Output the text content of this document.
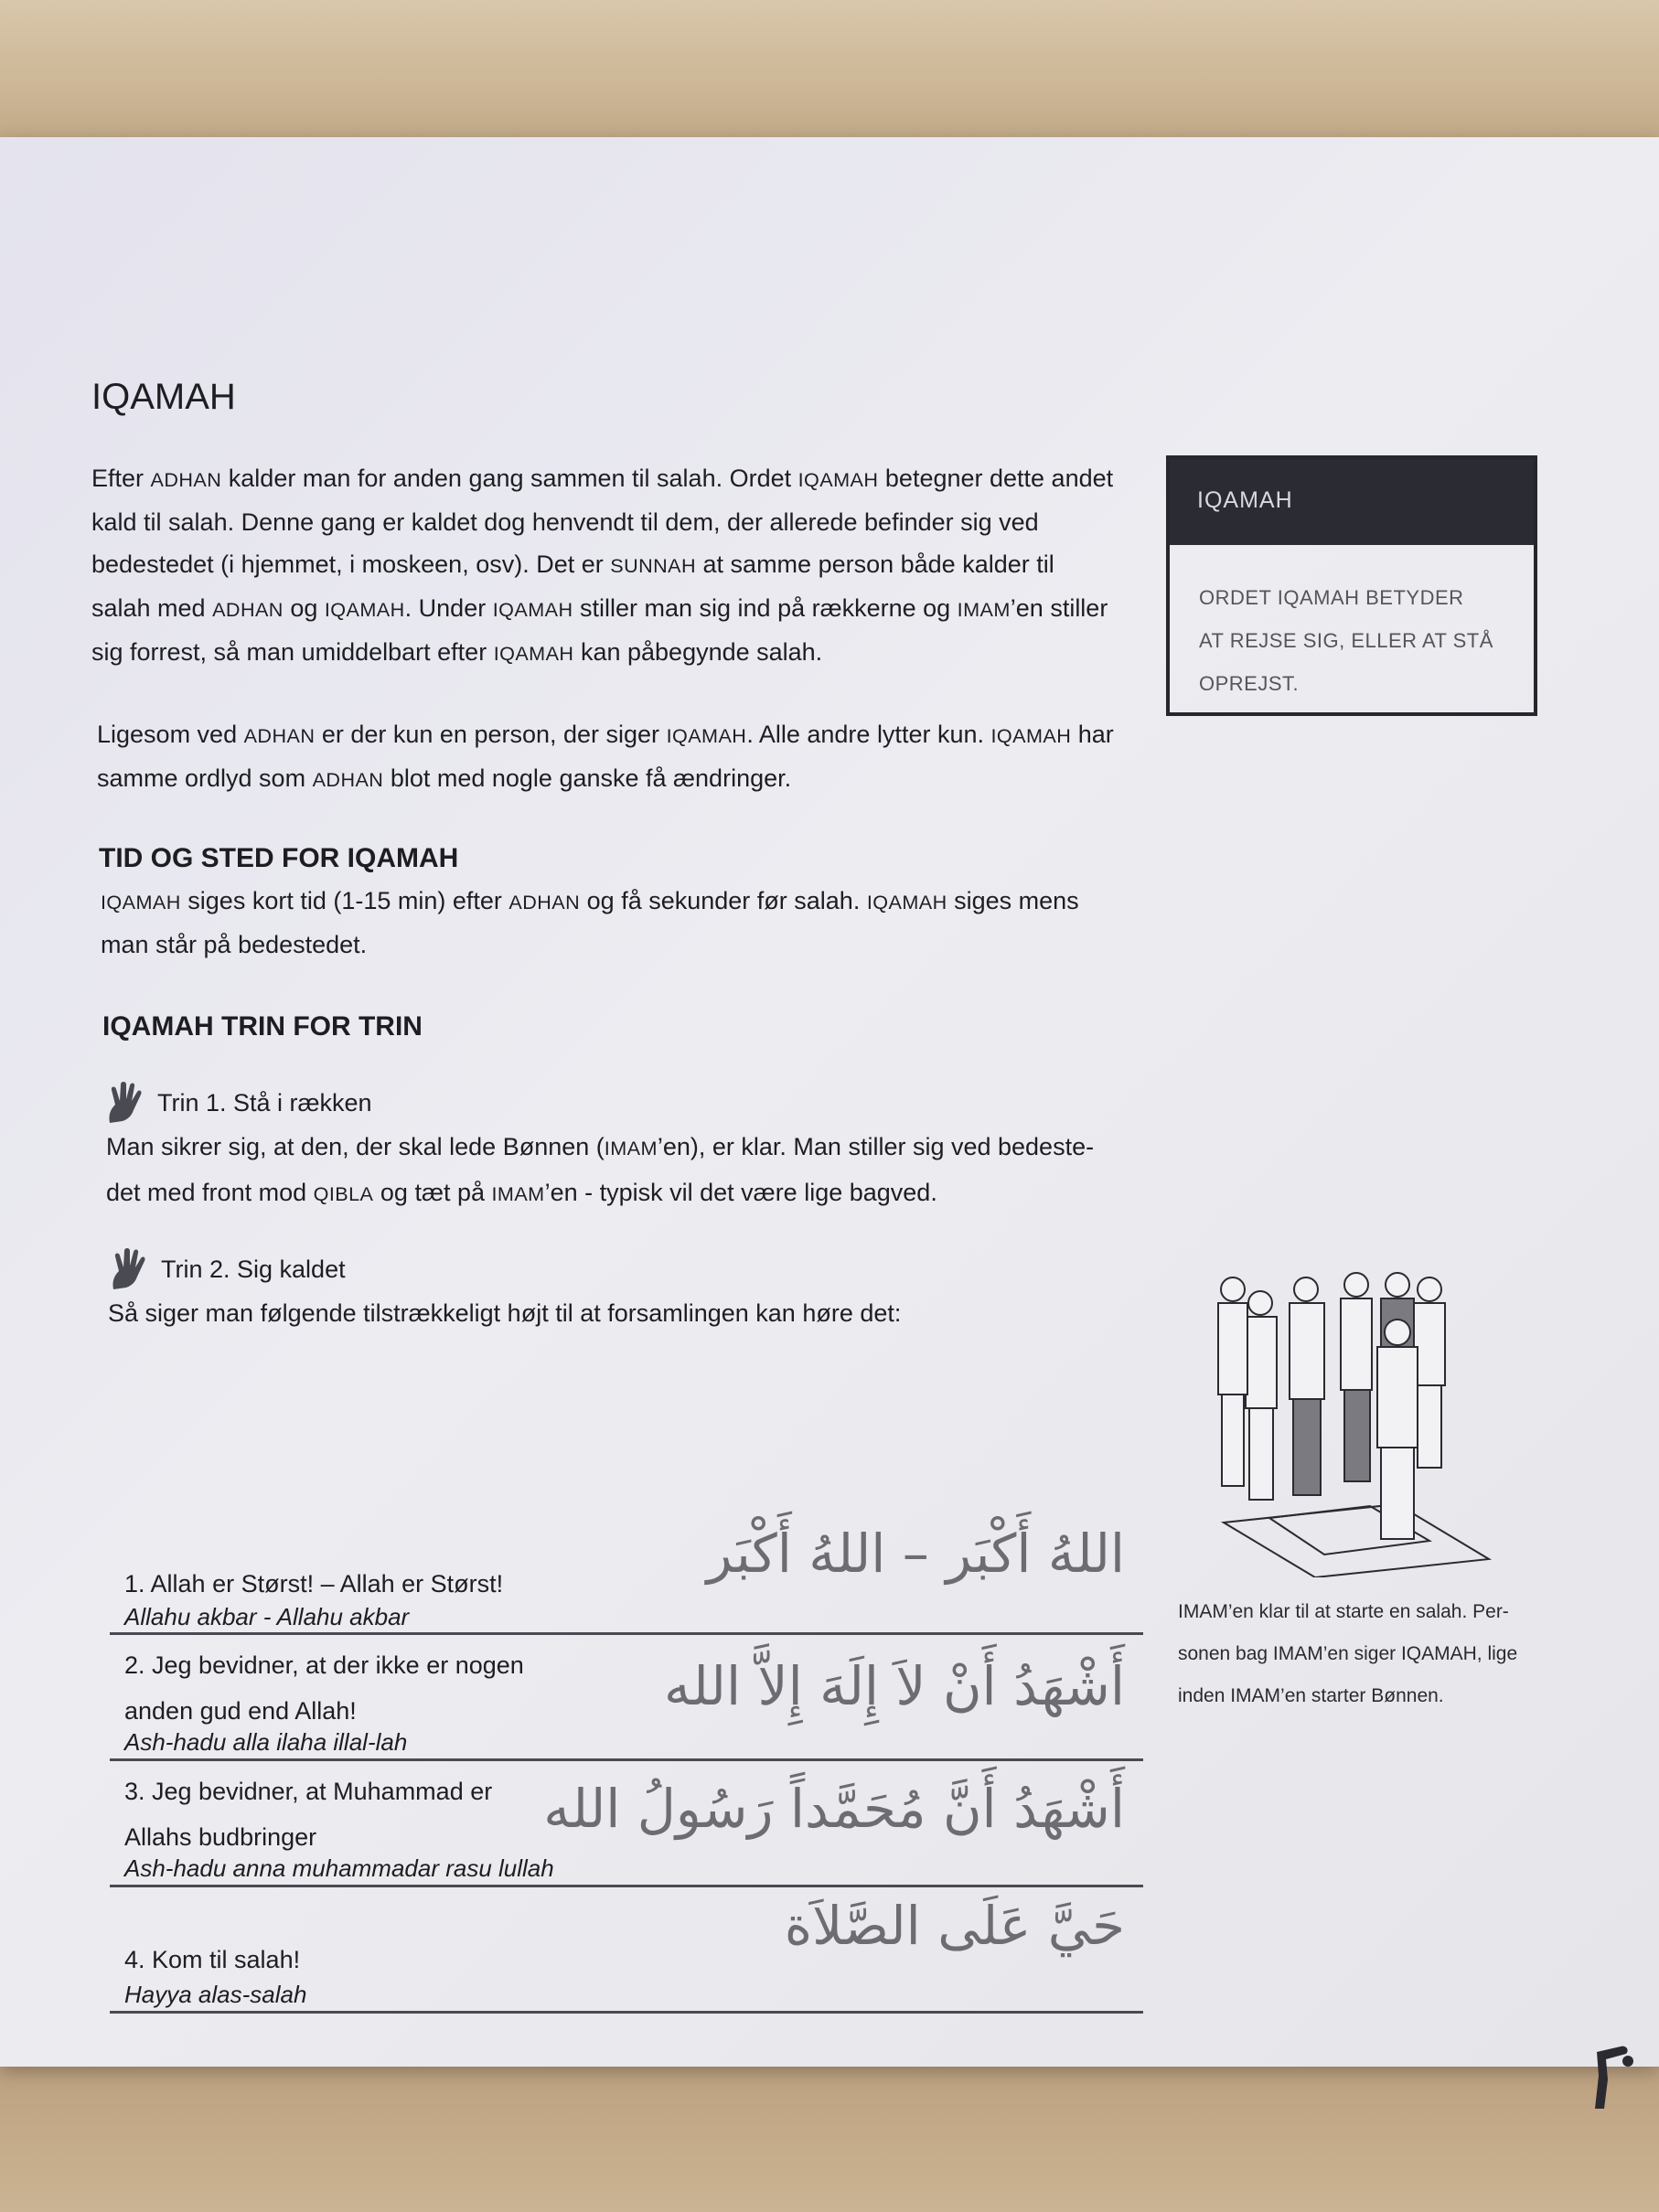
IQAMAH

Efter ADHAN kalder man for anden gang sammen til salah. Ordet IQAMAH betegner dette andet kald til salah. Denne gang er kaldet dog henvendt til dem, der allerede befinder sig ved bedestedet (i hjemmet, i moskeen, osv). Det er SUNNAH at samme person både kalder til salah med ADHAN og IQAMAH. Under IQAMAH stiller man sig ind på rækkerne og IMAM’en stiller sig forrest, så man umiddelbart efter IQAMAH kan påbegynde salah.

Ligesom ved ADHAN er der kun en person, der siger IQAMAH. Alle andre lytter kun. IQAMAH har samme ordlyd som ADHAN blot med nogle ganske få ændringer.

TID OG STED FOR IQAMAH

IQAMAH siges kort tid (1-15 min) efter ADHAN og få sekunder før salah. IQAMAH siges mens man står på bedestedet.

IQAMAH TRIN FOR TRIN
Trin 1. Stå i rækken

Man sikrer sig, at den, der skal lede Bønnen (IMAM’en), er klar. Man stiller sig ved bedeste-det med front mod QIBLA og tæt på IMAM’en - typisk vil det være lige bagved.

Trin 2. Sig kaldet

Så siger man følgende tilstrækkeligt højt til at forsamlingen kan høre det:

1. Allah er Størst! – Allah er Størst!
Allahu akbar - Allahu akbar
اللهُ أَكْبَر – اللهُ أَكْبَر
2. Jeg bevidner, at der ikke er nogen
anden gud end Allah!
Ash-hadu alla ilaha illal-lah
أَشْهَدُ أَنْ لاَ إِلَهَ إِلاَّ الله
3. Jeg bevidner, at Muhammad er
Allahs budbringer
Ash-hadu anna muhammadar rasu lullah
أَشْهَدُ أَنَّ مُحَمَّداً رَسُولُ الله
4. Kom til salah!
Hayya alas-salah
حَيَّ عَلَى الصَّلاَة
IQAMAH
ORDET IQAMAH BETYDER
AT REJSE SIG, ELLER AT STÅ
OPREJST.

IMAM’en klar til at starte en salah. Per-sonen bag IMAM’en siger IQAMAH, lige inden IMAM’en starter Bønnen.
